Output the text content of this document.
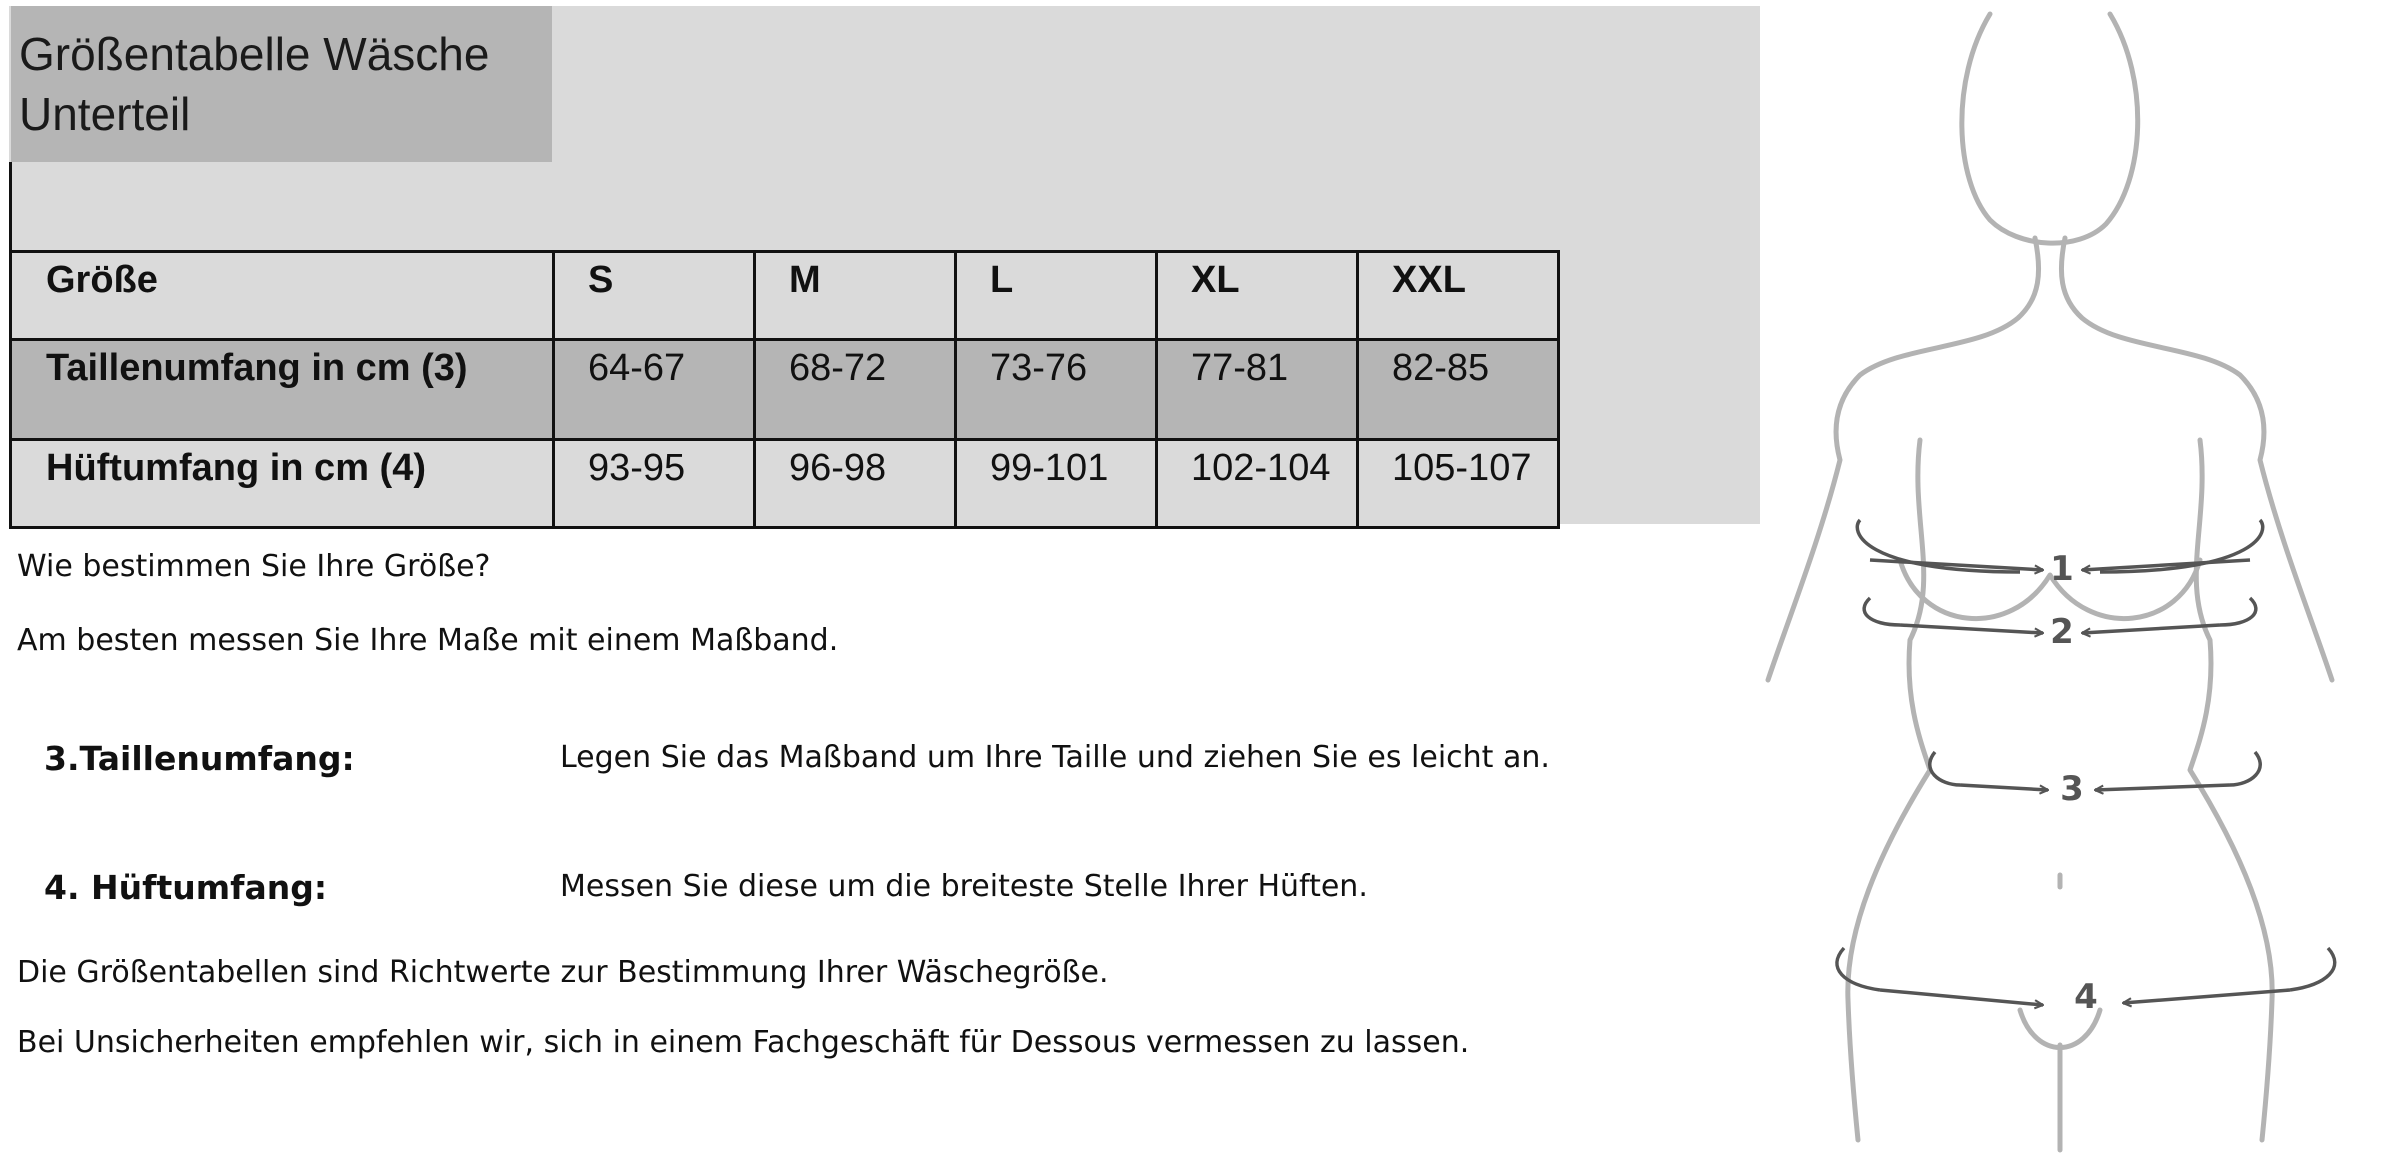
Größentabelle Wäsche
Unterteil
Größe	S	M	L	XL	XXL
Taillenumfang in cm (3)	64-67	68-72	73-76	77-81	82-85
Hüftumfang in cm (4)	93-95	96-98	99-101	102-104	105-107
Wie bestimmen Sie Ihre Größe?
Am besten messen Sie Ihre Maße mit einem Maßband.
3.Taillenumfang:	Legen Sie das Maßband um Ihre Taille und ziehen Sie es leicht an.
4. Hüftumfang:	Messen Sie diese um die breiteste Stelle Ihrer Hüften.
Die Größentabellen sind Richtwerte zur Bestimmung Ihrer Wäschegröße.
Bei Unsicherheiten empfehlen wir, sich in einem Fachgeschäft für Dessous vermessen zu lassen.
1
2
3
4
